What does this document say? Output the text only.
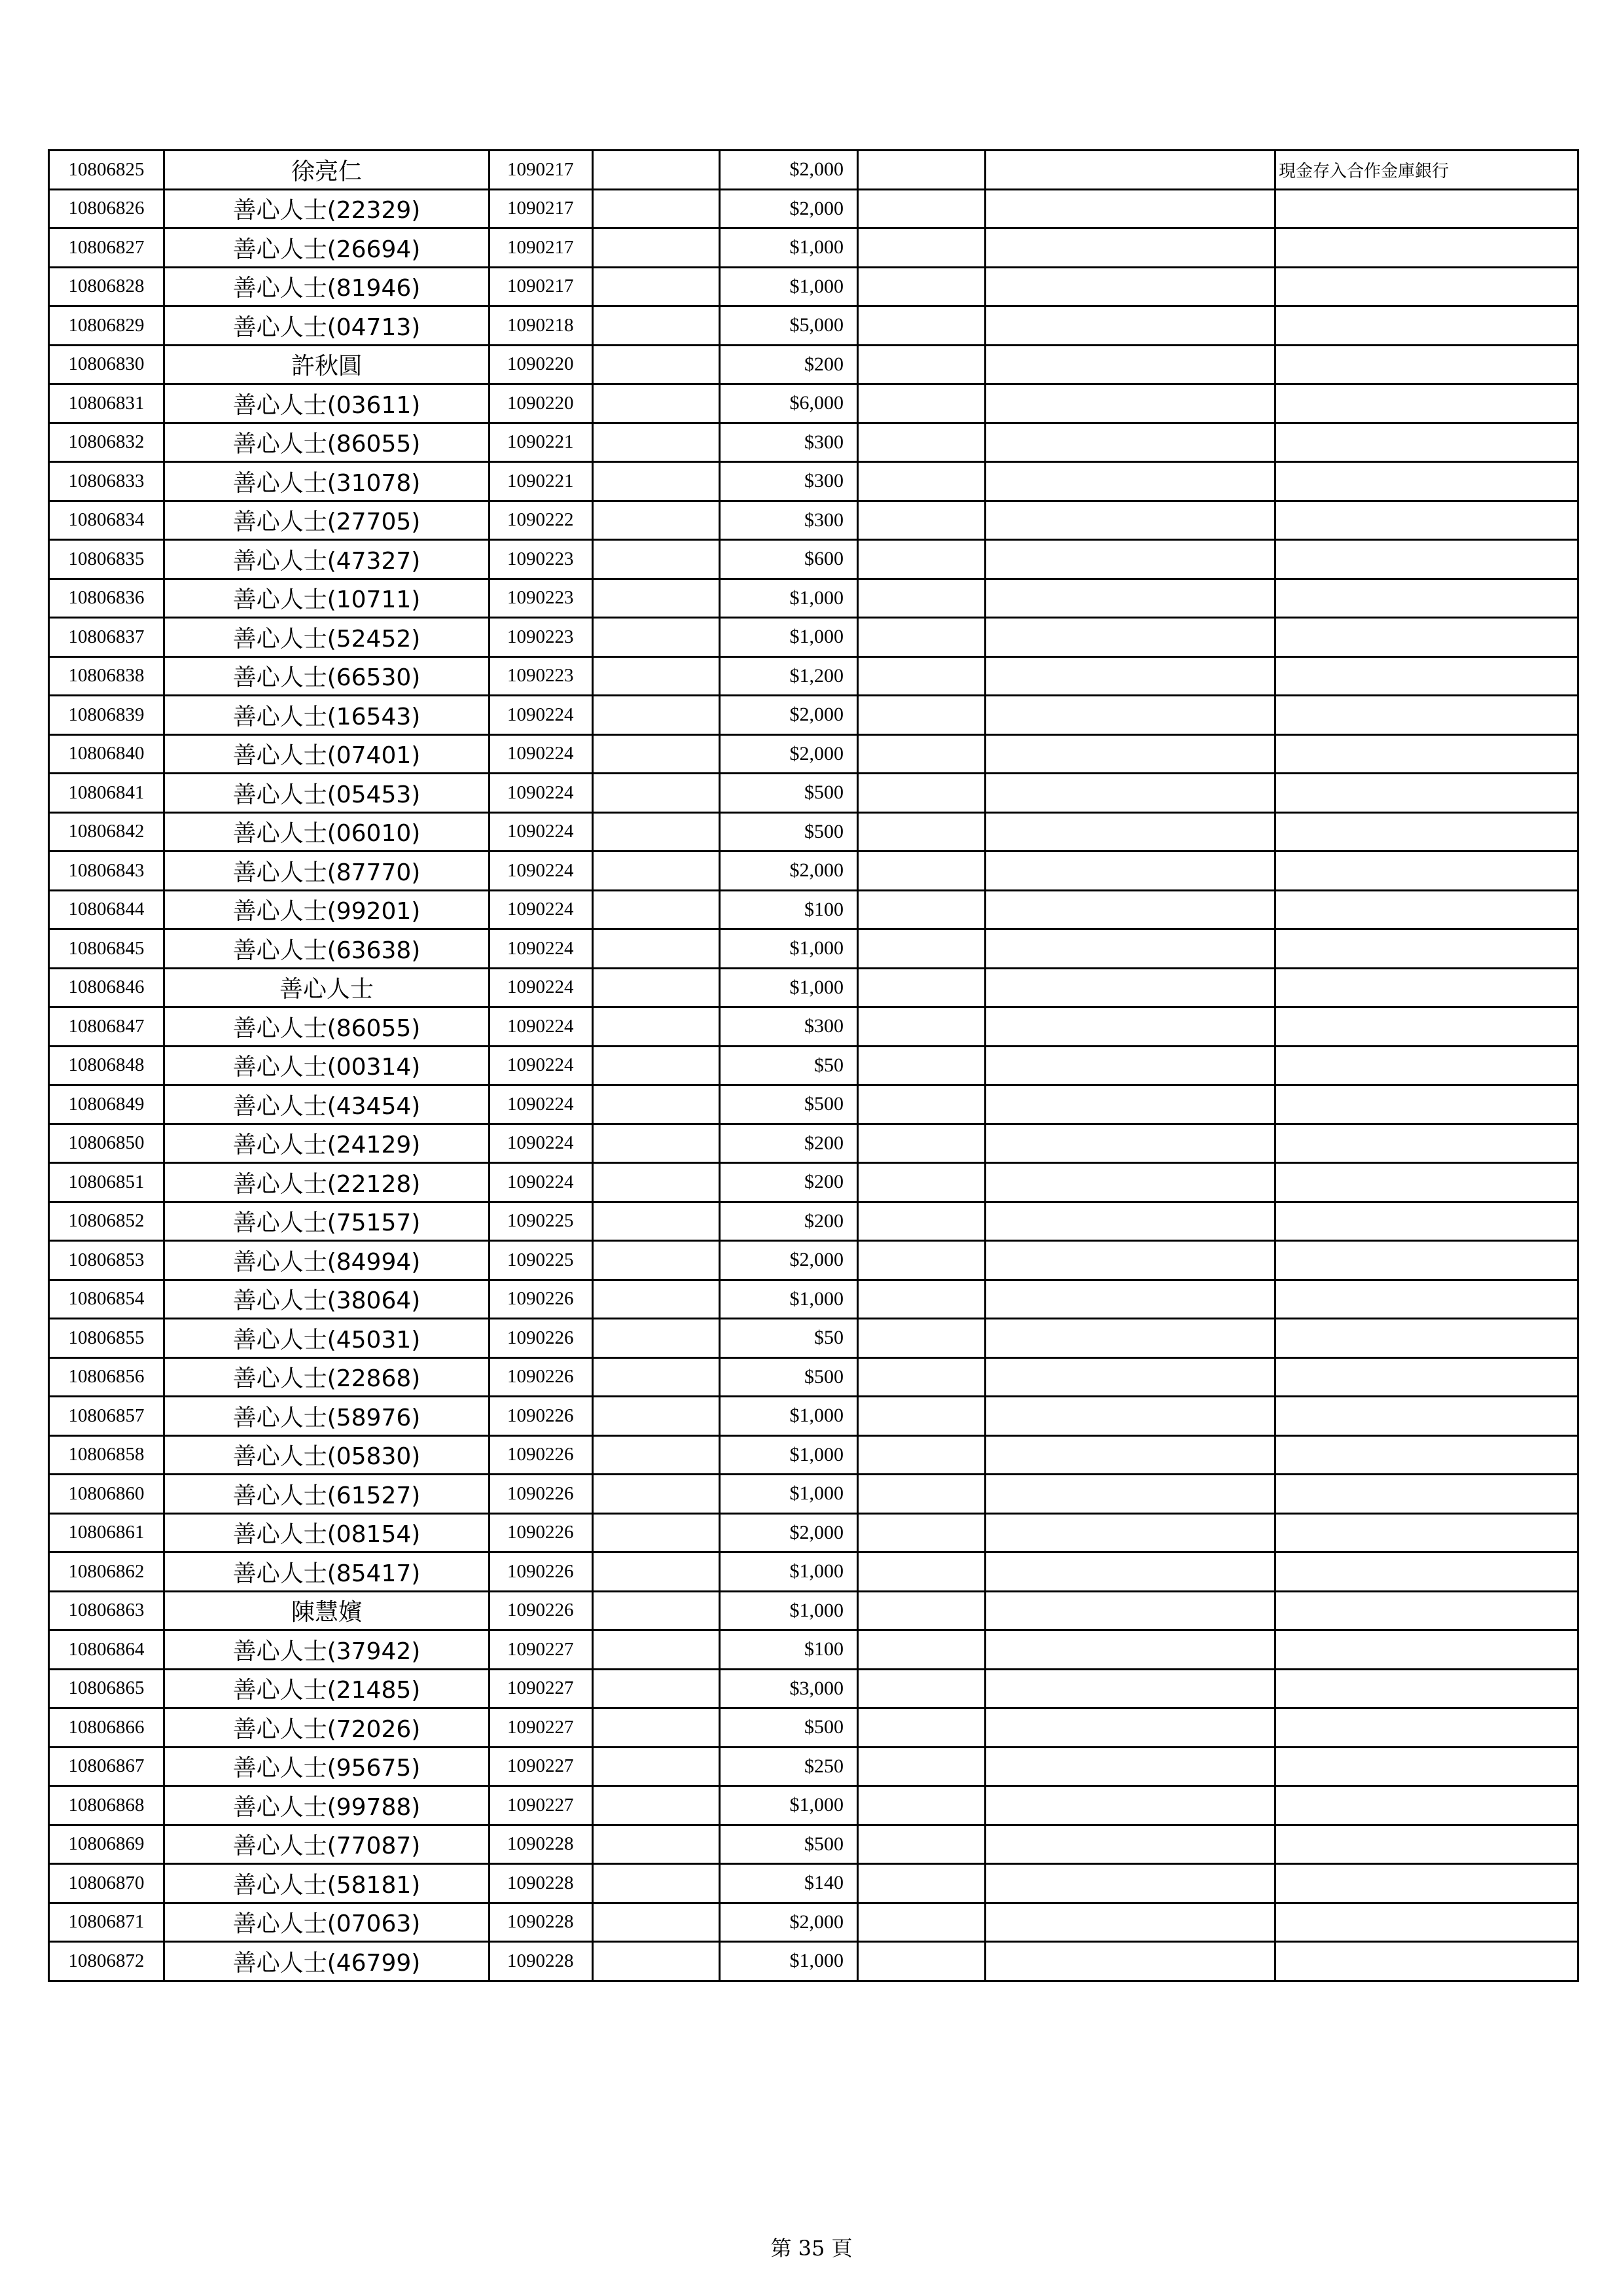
10806825	徐亮仁	1090217		$2,000			現金存入合作金庫銀行
10806826	善心人士(22329)	1090217		$2,000			
10806827	善心人士(26694)	1090217		$1,000			
10806828	善心人士(81946)	1090217		$1,000			
10806829	善心人士(04713)	1090218		$5,000			
10806830	許秋圓	1090220		$200			
10806831	善心人士(03611)	1090220		$6,000			
10806832	善心人士(86055)	1090221		$300			
10806833	善心人士(31078)	1090221		$300			
10806834	善心人士(27705)	1090222		$300			
10806835	善心人士(47327)	1090223		$600			
10806836	善心人士(10711)	1090223		$1,000			
10806837	善心人士(52452)	1090223		$1,000			
10806838	善心人士(66530)	1090223		$1,200			
10806839	善心人士(16543)	1090224		$2,000			
10806840	善心人士(07401)	1090224		$2,000			
10806841	善心人士(05453)	1090224		$500			
10806842	善心人士(06010)	1090224		$500			
10806843	善心人士(87770)	1090224		$2,000			
10806844	善心人士(99201)	1090224		$100			
10806845	善心人士(63638)	1090224		$1,000			
10806846	善心人士	1090224		$1,000			
10806847	善心人士(86055)	1090224		$300			
10806848	善心人士(00314)	1090224		$50			
10806849	善心人士(43454)	1090224		$500			
10806850	善心人士(24129)	1090224		$200			
10806851	善心人士(22128)	1090224		$200			
10806852	善心人士(75157)	1090225		$200			
10806853	善心人士(84994)	1090225		$2,000			
10806854	善心人士(38064)	1090226		$1,000			
10806855	善心人士(45031)	1090226		$50			
10806856	善心人士(22868)	1090226		$500			
10806857	善心人士(58976)	1090226		$1,000			
10806858	善心人士(05830)	1090226		$1,000			
10806860	善心人士(61527)	1090226		$1,000			
10806861	善心人士(08154)	1090226		$2,000			
10806862	善心人士(85417)	1090226		$1,000			
10806863	陳慧嬪	1090226		$1,000			
10806864	善心人士(37942)	1090227		$100			
10806865	善心人士(21485)	1090227		$3,000			
10806866	善心人士(72026)	1090227		$500			
10806867	善心人士(95675)	1090227		$250			
10806868	善心人士(99788)	1090227		$1,000			
10806869	善心人士(77087)	1090228		$500			
10806870	善心人士(58181)	1090228		$140			
10806871	善心人士(07063)	1090228		$2,000			
10806872	善心人士(46799)	1090228		$1,000			
第 35 頁
